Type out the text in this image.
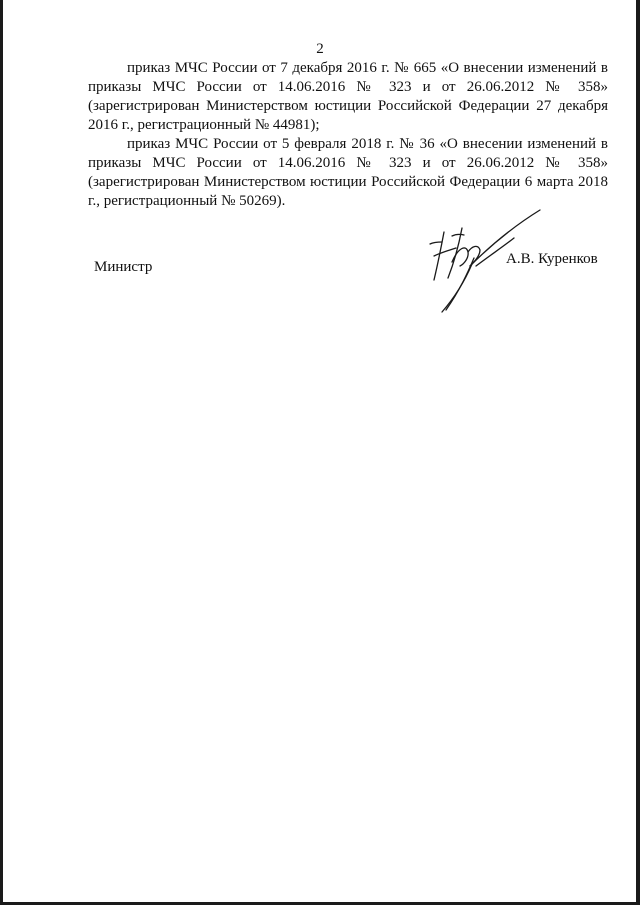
2

приказ МЧС России от 7 декабря 2016 г. № 665 «О внесении изменений в приказы МЧС России от 14.06.2016 № 323 и от 26.06.2012 № 358» (зарегистрирован Министерством юстиции Российской Федерации 27 декабря 2016 г., регистрационный № 44981);

приказ МЧС России от 5 февраля 2018 г. № 36 «О внесении изменений в приказы МЧС России от 14.06.2016 № 323 и от 26.06.2012 № 358» (зарегистрирован Министерством юстиции Российской Федерации 6 марта 2018 г., регистрационный № 50269).

Министр	А.В. Куренков
